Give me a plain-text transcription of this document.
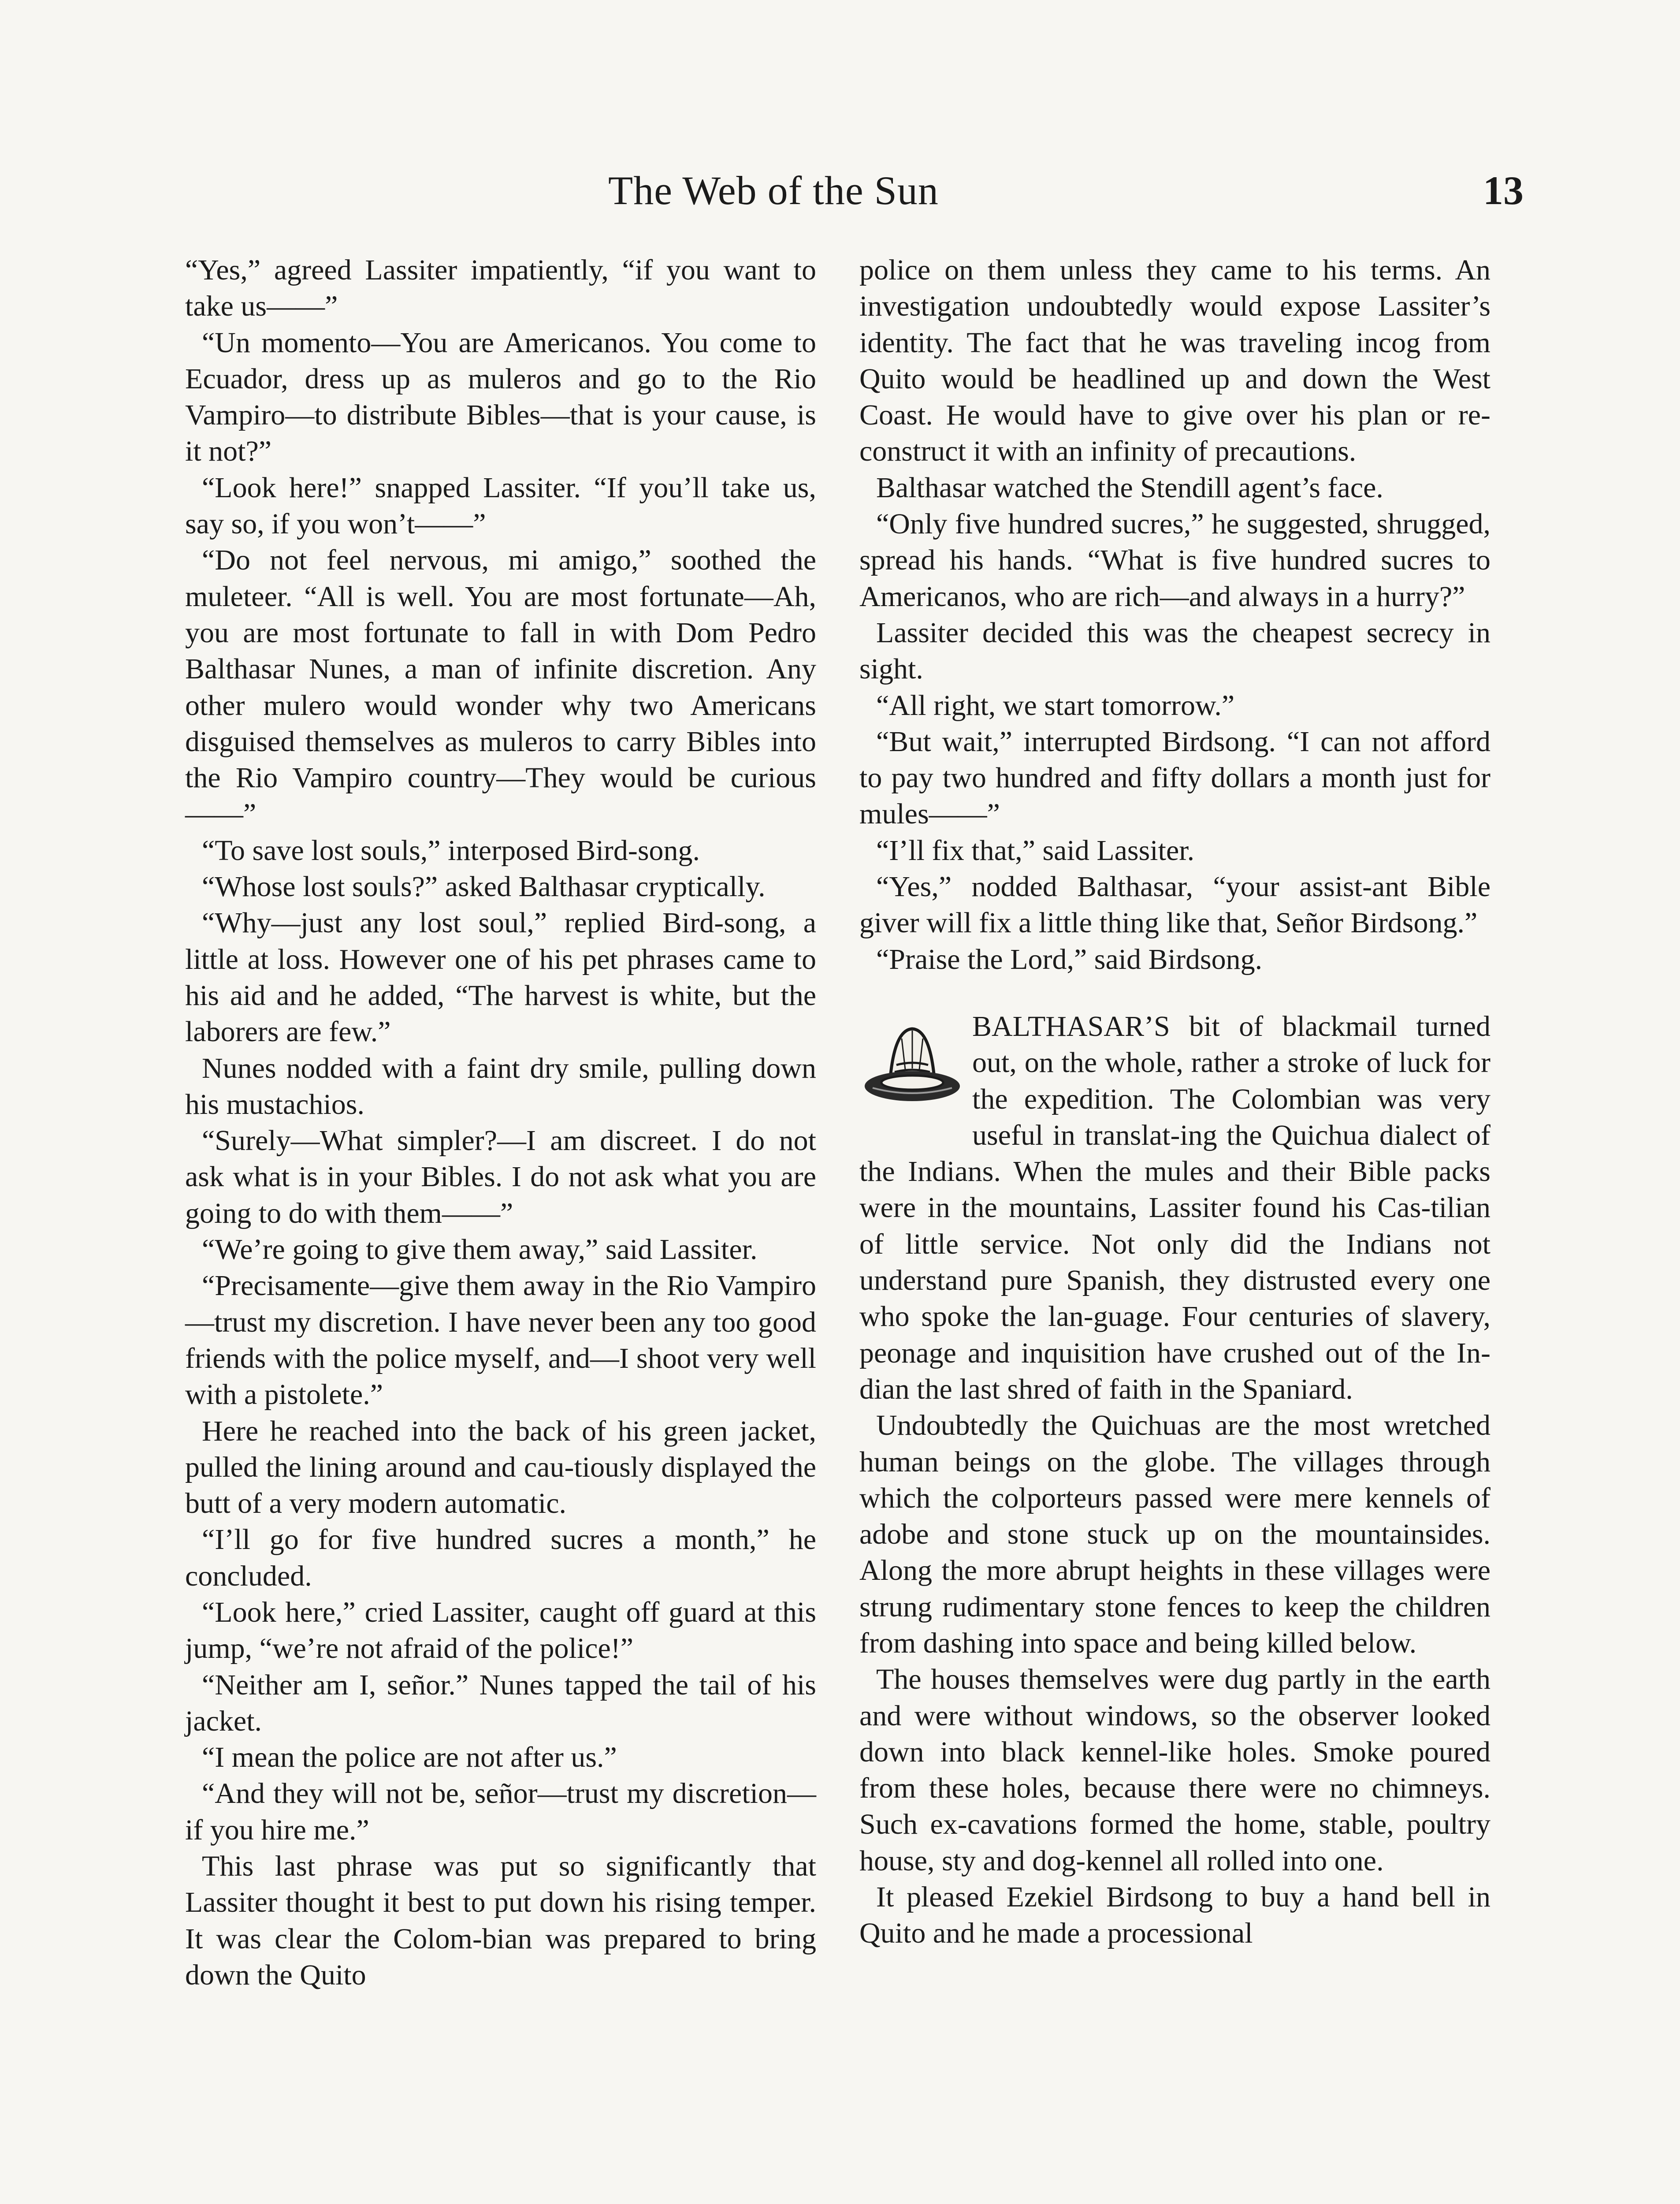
The Web of the Sun	13

“Yes,” agreed Lassiter impatiently, “if you want to take us——”

“Un momento—You are Americanos. You come to Ecuador, dress up as muleros and go to the Rio Vampiro—to distribute Bibles—that is your cause, is it not?”

“Look here!” snapped Lassiter. “If you’ll take us, say so, if you won’t——”

“Do not feel nervous, mi amigo,” soothed the muleteer. “All is well. You are most fortunate—Ah, you are most fortunate to fall in with Dom Pedro Balthasar Nunes, a man of infinite discretion. Any other mulero would wonder why two Americans disguised themselves as muleros to carry Bibles into the Rio Vampiro country—They would be curious——”

“To save lost souls,” interposed Bird-song.

“Whose lost souls?” asked Balthasar cryptically.

“Why—just any lost soul,” replied Bird-song, a little at loss. However one of his pet phrases came to his aid and he added, “The harvest is white, but the laborers are few.”

Nunes nodded with a faint dry smile, pulling down his mustachios.

“Surely—What simpler?—I am discreet. I do not ask what is in your Bibles. I do not ask what you are going to do with them——”

“We’re going to give them away,” said Lassiter.

“Precisamente—give them away in the Rio Vampiro—trust my discretion. I have never been any too good friends with the police myself, and—I shoot very well with a pistolete.”

Here he reached into the back of his green jacket, pulled the lining around and cau-tiously displayed the butt of a very modern automatic.

“I’ll go for five hundred sucres a month,” he concluded.

“Look here,” cried Lassiter, caught off guard at this jump, “we’re not afraid of the police!”

“Neither am I, señor.” Nunes tapped the tail of his jacket.

“I mean the police are not after us.”

“And they will not be, señor—trust my discretion—if you hire me.”

This last phrase was put so significantly that Lassiter thought it best to put down his rising temper. It was clear the Colom-bian was prepared to bring down the Quito

police on them unless they came to his terms. An investigation undoubtedly would expose Lassiter’s identity. The fact that he was traveling incog from Quito would be headlined up and down the West Coast. He would have to give over his plan or re-construct it with an infinity of precautions.

Balthasar watched the Stendill agent’s face.

“Only five hundred sucres,” he suggested, shrugged, spread his hands. “What is five hundred sucres to Americanos, who are rich—and always in a hurry?”

Lassiter decided this was the cheapest secrecy in sight.

“All right, we start tomorrow.”

“But wait,” interrupted Birdsong. “I can not afford to pay two hundred and fifty dollars a month just for mules——”

“I’ll fix that,” said Lassiter.

“Yes,” nodded Balthasar, “your assist-ant Bible giver will fix a little thing like that, Señor Birdsong.”

“Praise the Lord,” said Birdsong.

BALTHASAR’S bit of blackmail turned out, on the whole, rather a stroke of luck for the expedition. The Colombian was very useful in translat-ing the Quichua dialect of the Indians. When the mules and their Bible packs were in the mountains, Lassiter found his Cas-tilian of little service. Not only did the Indians not understand pure Spanish, they distrusted every one who spoke the lan-guage. Four centuries of slavery, peonage and inquisition have crushed out of the In-dian the last shred of faith in the Spaniard.

Undoubtedly the Quichuas are the most wretched human beings on the globe. The villages through which the colporteurs passed were mere kennels of adobe and stone stuck up on the mountainsides. Along the more abrupt heights in these villages were strung rudimentary stone fences to keep the children from dashing into space and being killed below.

The houses themselves were dug partly in the earth and were without windows, so the observer looked down into black kennel-like holes. Smoke poured from these holes, because there were no chimneys. Such ex-cavations formed the home, stable, poultry house, sty and dog-kennel all rolled into one.

It pleased Ezekiel Birdsong to buy a hand bell in Quito and he made a processional
